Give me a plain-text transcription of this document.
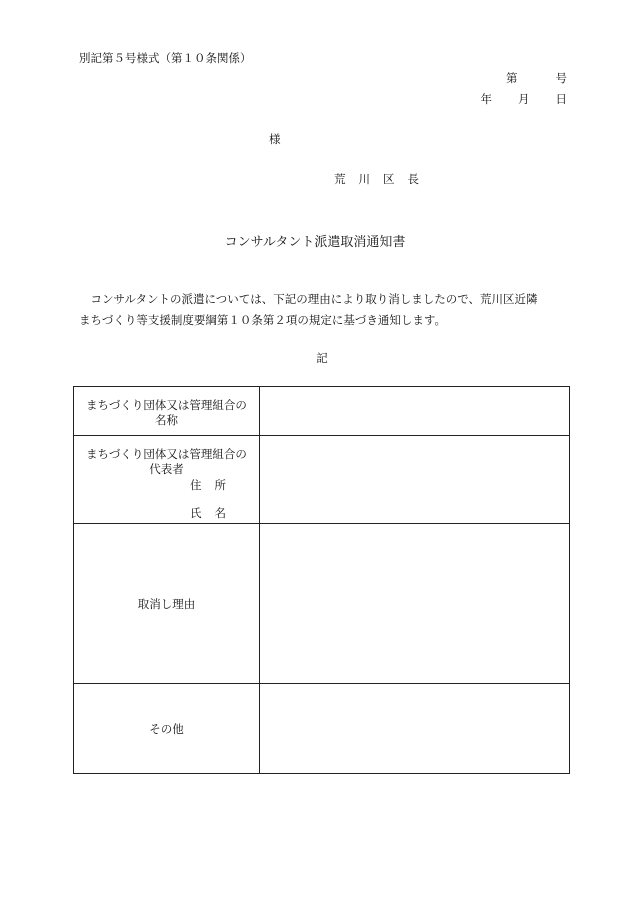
別記第５号様式（第１０条関係）
第	号
年 月 日
様
荒 川 区 長
コンサルタント派遣取消通知書
　コンサルタントの派遣については、下記の理由により取り消しましたので、荒川区近隣
まちづくり等支援制度要綱第１０条第２項の規定に基づき通知します。
記
まちづくり団体又は管理組合の
名称	

まちづくり団体又は管理組合の
代表者
住 所
氏 名	

取消し理由	
その他	
